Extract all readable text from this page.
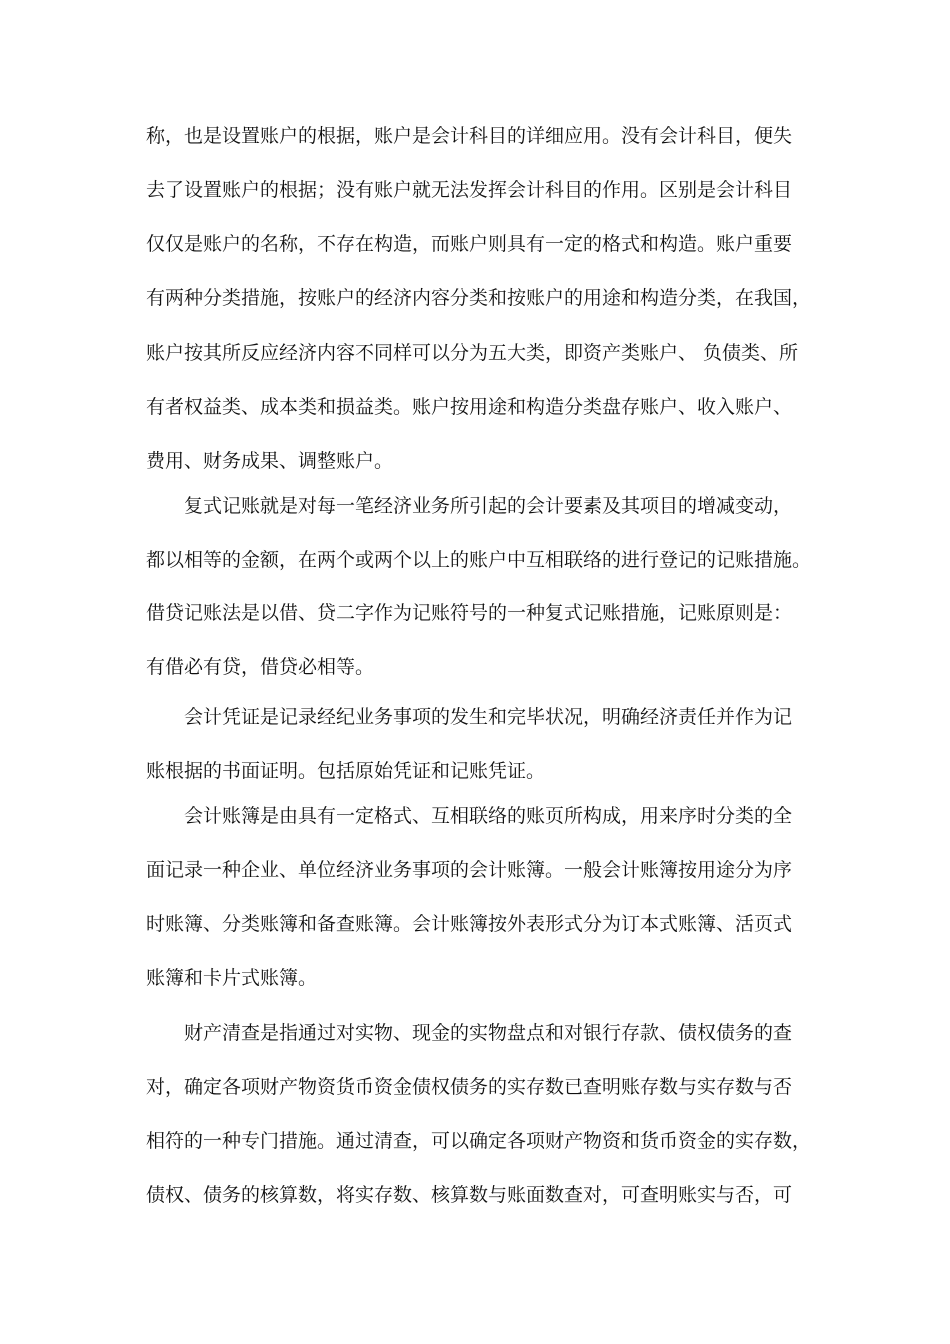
称，也是设置账户的根据，账户是会计科目的详细应用。没有会计科目，便失
去了设置账户的根据；没有账户就无法发挥会计科目的作用。区别是会计科目
仅仅是账户的名称，不存在构造，而账户则具有一定的格式和构造。账户重要
有两种分类措施，按账户的经济内容分类和按账户的用途和构造分类，在我国，
账户按其所反应经济内容不同样可以分为五大类，即资产类账户、 负债类、所
有者权益类、成本类和损益类。账户按用途和构造分类盘存账户、收入账户、
费用、财务成果、调整账户。
　　复式记账就是对每一笔经济业务所引起的会计要素及其项目的增减变动，
都以相等的金额，在两个或两个以上的账户中互相联络的进行登记的记账措施。
借贷记账法是以借、贷二字作为记账符号的一种复式记账措施，记账原则是：
有借必有贷，借贷必相等。
　　会计凭证是记录经纪业务事项的发生和完毕状况，明确经济责任并作为记
账根据的书面证明。包括原始凭证和记账凭证。
　　会计账簿是由具有一定格式、互相联络的账页所构成，用来序时分类的全
面记录一种企业、单位经济业务事项的会计账簿。一般会计账簿按用途分为序
时账簿、分类账簿和备查账簿。会计账簿按外表形式分为订本式账簿、活页式
账簿和卡片式账簿。
　　财产清查是指通过对实物、现金的实物盘点和对银行存款、债权债务的查
对，确定各项财产物资货币资金债权债务的实存数已查明账存数与实存数与否
相符的一种专门措施。通过清查，可以确定各项财产物资和货币资金的实存数，
债权、债务的核算数，将实存数、核算数与账面数查对，可查明账实与否，可
